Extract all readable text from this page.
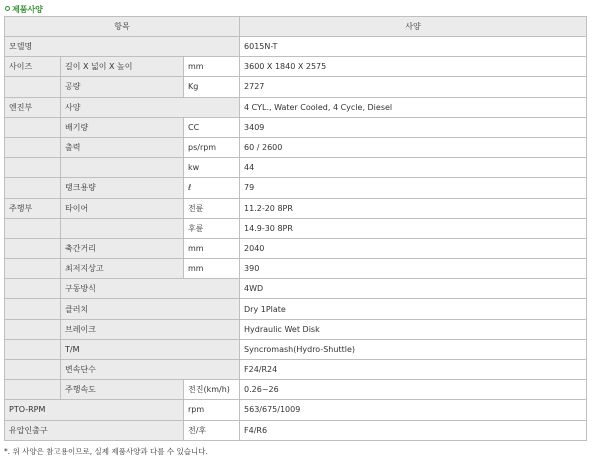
제품사양
항목			사양
모델명			6015N-T
사이즈	길이 X 넓이 X 높이	mm	3600 X 1840 X 2575
	공량	Kg	2727
엔진부	사양		4 CYL., Water Cooled, 4 Cycle, Diesel
	배기량	CC	3409
	출력	ps/rpm	60 / 2600
		kw	44
	탱크용량	ℓ	79
주행부	타이어	전륜	11.2-20 8PR
		후륜	14.9-30 8PR
	축간거리	mm	2040
	최저지상고	mm	390
	구동방식		4WD
	클러치		Dry 1Plate
	브레이크		Hydraulic Wet Disk
	T/M		Syncromash(Hydro-Shuttle)
	변속단수		F24/R24
	주행속도	전진(km/h)	0.26~26
PTO-RPM		rpm	563/675/1009
유압인출구		전/후	F4/R6
*. 위 사양은 참고용이므로, 실제 제품사양과 다를 수 있습니다.
